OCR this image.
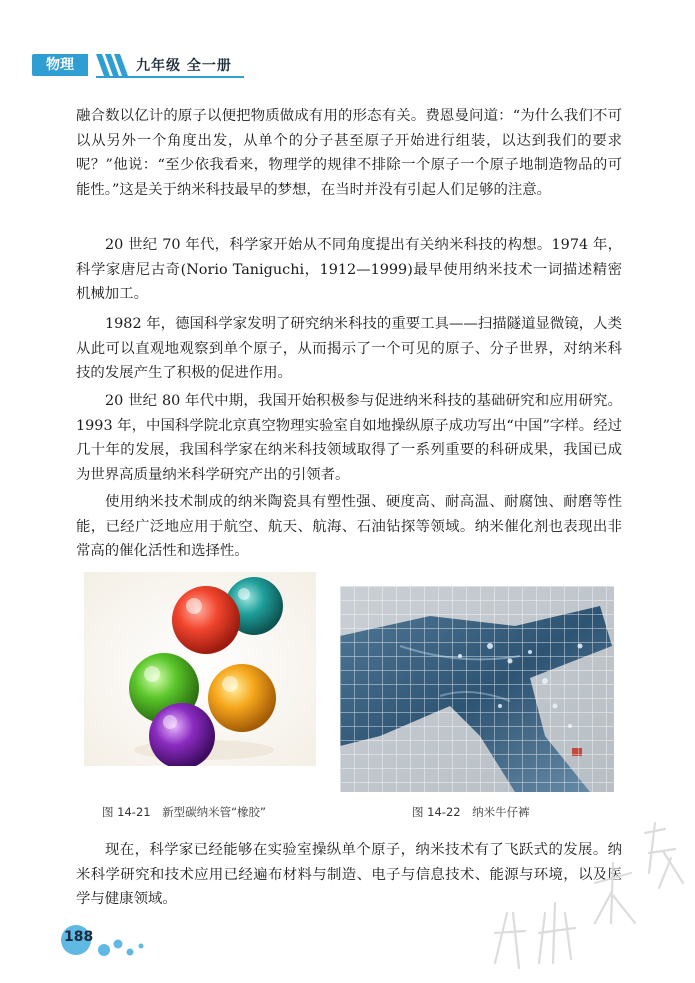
物理	九年级 全一册
融合数以亿计的原子以便把物质做成有用的形态有关。费恩曼问道：“为什么我们不可以从另外一个角度出发，从单个的分子甚至原子开始进行组装，以达到我们的要求呢？”他说：“至少依我看来，物理学的规律不排除一个原子一个原子地制造物品的可能性。”这是关于纳米科技最早的梦想，在当时并没有引起人们足够的注意。
20 世纪 70 年代，科学家开始从不同角度提出有关纳米科技的构想。1974 年，科学家唐尼古奇(Norio Taniguchi，1912—1999)最早使用纳米技术一词描述精密机械加工。
1982 年，德国科学家发明了研究纳米科技的重要工具——扫描隧道显微镜，人类从此可以直观地观察到单个原子，从而揭示了一个可见的原子、分子世界，对纳米科技的发展产生了积极的促进作用。
20 世纪 80 年代中期，我国开始积极参与促进纳米科技的基础研究和应用研究。1993 年，中国科学院北京真空物理实验室自如地操纵原子成功写出“中国”字样。经过几十年的发展，我国科学家在纳米科技领域取得了一系列重要的科研成果，我国已成为世界高质量纳米科学研究产出的引领者。
使用纳米技术制成的纳米陶瓷具有塑性强、硬度高、耐高温、耐腐蚀、耐磨等性能，已经广泛地应用于航空、航天、航海、石油钻探等领域。纳米催化剂也表现出非常高的催化活性和选择性。
图 14-21　新型碳纳米管“橡胶”	图 14-22　纳米牛仔裤
现在，科学家已经能够在实验室操纵单个原子，纳米技术有了飞跃式的发展。纳米科学研究和技术应用已经遍布材料与制造、电子与信息技术、能源与环境，以及医学与健康领域。
188
